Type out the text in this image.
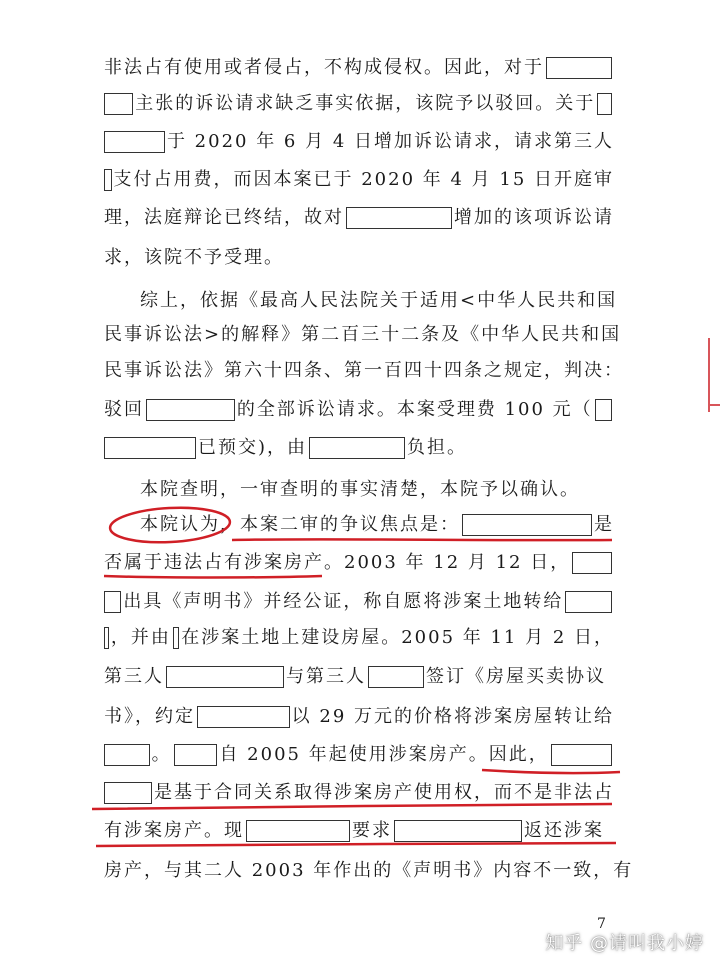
非法占有使用或者侵占，不构成侵权。因此，对于
主张的诉讼请求缺乏事实依据，该院予以驳回。关于
于 2020 年 6 月 4 日增加诉讼请求，请求第三人
支付占用费，而因本案已于 2020 年 4 月 15 日开庭审
理，法庭辩论已终结，故对	增加的该项诉讼请
求，该院不予受理。
综上，依据《最高人民法院关于适用<中华人民共和国
民事诉讼法>的解释》第二百三十二条及《中华人民共和国
民事诉讼法》第六十四条、第一百四十四条之规定，判决：
驳回	的全部诉讼请求。本案受理费 100 元（
已预交)，由	负担。
本院查明，一审查明的事实清楚，本院予以确认。
本院认为，本案二审的争议焦点是：	是
否属于违法占有涉案房产。2003 年 12 月 12 日，
出具《声明书》并经公证，称自愿将涉案土地转给
，并由 在涉案土地上建设房屋。2005 年 11 月 2 日，
第三人	与第三人	签订《房屋买卖协议
书》，约定	以 29 万元的价格将涉案房屋转让给
。	自 2005 年起使用涉案房产。因此，
是基于合同关系取得涉案房产使用权，而不是非法占
有涉案房产。现	要求	返还涉案
房产，与其二人 2003 年作出的《声明书》内容不一致，有
7
知乎 @请叫我小婷
